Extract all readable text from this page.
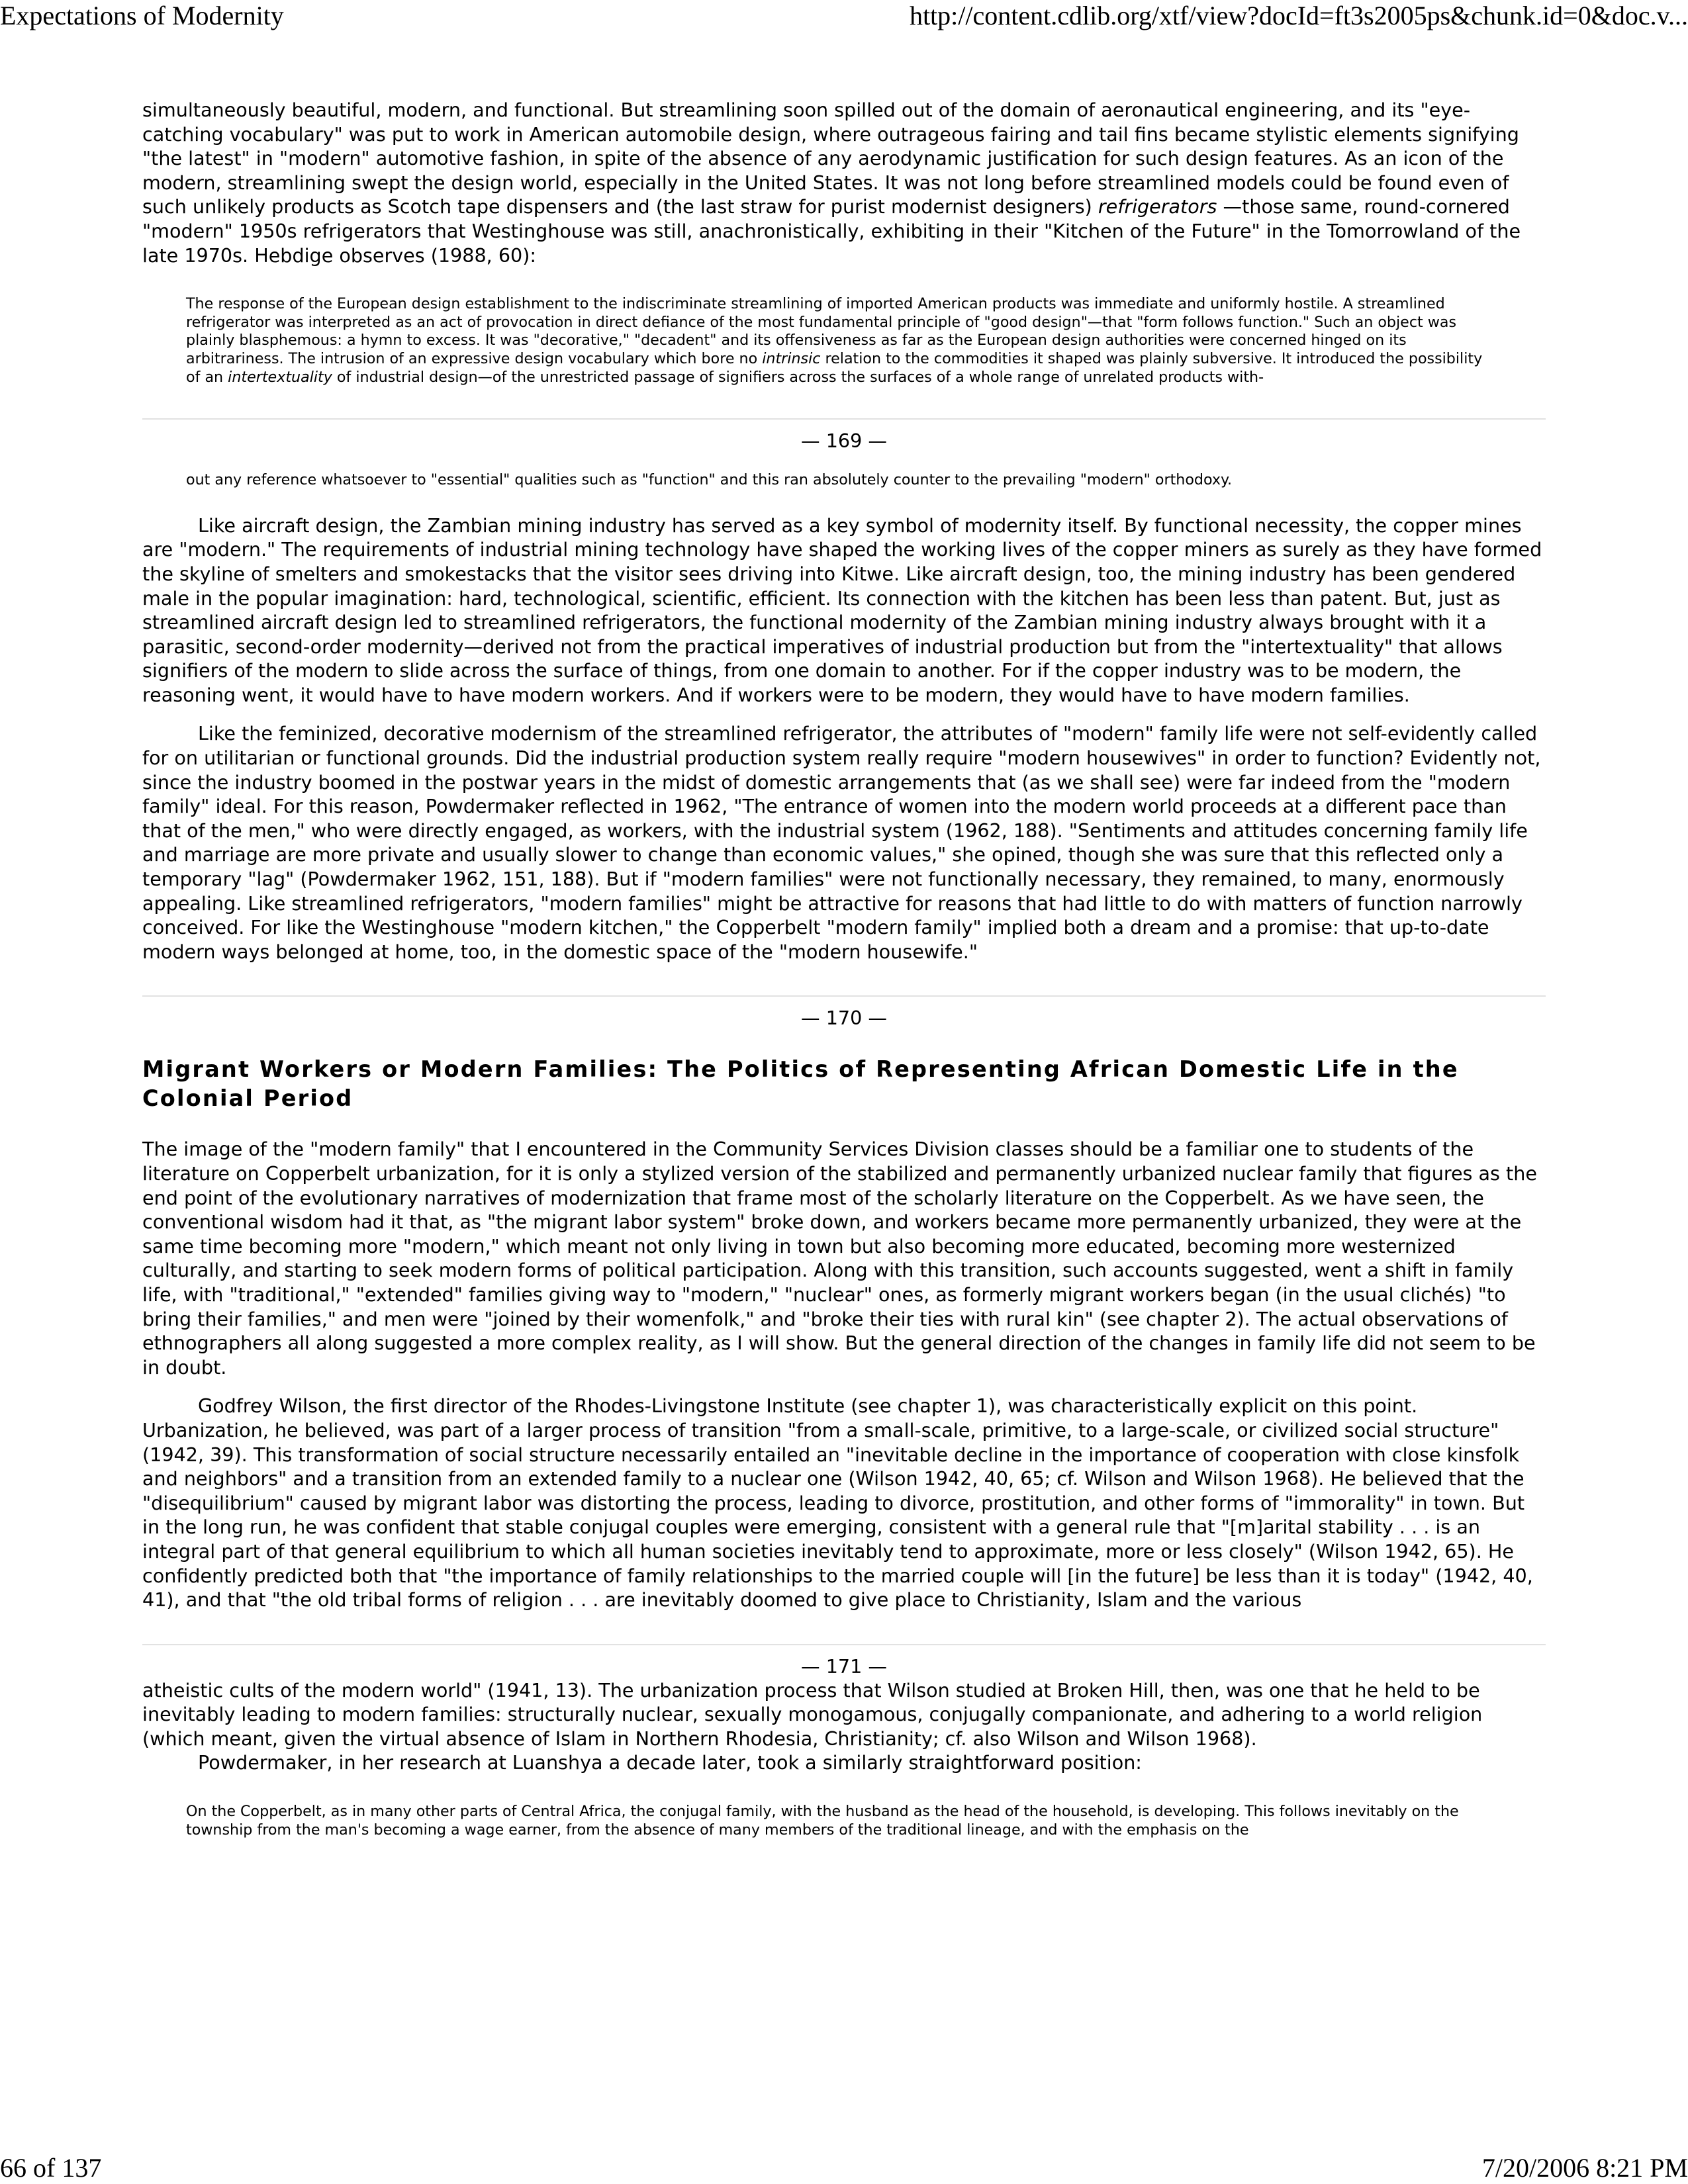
Expectations of Modernity	http://content.cdlib.org/xtf/view?docId=ft3s2005ps&chunk.id=0&doc.v...

simultaneously beautiful, modern, and functional. But streamlining soon spilled out of the domain of aeronautical engineering, and its "eye-catching vocabulary" was put to work in American automobile design, where outrageous fairing and tail fins became stylistic elements signifying "the latest" in "modern" automotive fashion, in spite of the absence of any aerodynamic justification for such design features. As an icon of the modern, streamlining swept the design world, especially in the United States. It was not long before streamlined models could be found even of such unlikely products as Scotch tape dispensers and (the last straw for purist modernist designers) refrigerators —those same, round-cornered "modern" 1950s refrigerators that Westinghouse was still, anachronistically, exhibiting in their "Kitchen of the Future" in the Tomorrowland of the late 1970s. Hebdige observes (1988, 60):

The response of the European design establishment to the indiscriminate streamlining of imported American products was immediate and uniformly hostile. A streamlined refrigerator was interpreted as an act of provocation in direct defiance of the most fundamental principle of "good design"—that "form follows function." Such an object was plainly blasphemous: a hymn to excess. It was "decorative," "decadent" and its offensiveness as far as the European design authorities were concerned hinged on its arbitrariness. The intrusion of an expressive design vocabulary which bore no intrinsic relation to the commodities it shaped was plainly subversive. It introduced the possibility of an intertextuality of industrial design—of the unrestricted passage of signifiers across the surfaces of a whole range of unrelated products with-
— 169 —
out any reference whatsoever to "essential" qualities such as "function" and this ran absolutely counter to the prevailing "modern" orthodoxy.

Like aircraft design, the Zambian mining industry has served as a key symbol of modernity itself. By functional necessity, the copper mines are "modern." The requirements of industrial mining technology have shaped the working lives of the copper miners as surely as they have formed the skyline of smelters and smokestacks that the visitor sees driving into Kitwe. Like aircraft design, too, the mining industry has been gendered male in the popular imagination: hard, technological, scientific, efficient. Its connection with the kitchen has been less than patent. But, just as streamlined aircraft design led to streamlined refrigerators, the functional modernity of the Zambian mining industry always brought with it a parasitic, second-order modernity—derived not from the practical imperatives of industrial production but from the "intertextuality" that allows signifiers of the modern to slide across the surface of things, from one domain to another. For if the copper industry was to be modern, the reasoning went, it would have to have modern workers. And if workers were to be modern, they would have to have modern families.

Like the feminized, decorative modernism of the streamlined refrigerator, the attributes of "modern" family life were not self-evidently called for on utilitarian or functional grounds. Did the industrial production system really require "modern housewives" in order to function? Evidently not, since the industry boomed in the postwar years in the midst of domestic arrangements that (as we shall see) were far indeed from the "modern family" ideal. For this reason, Powdermaker reflected in 1962, "The entrance of women into the modern world proceeds at a different pace than that of the men," who were directly engaged, as workers, with the industrial system (1962, 188). "Sentiments and attitudes concerning family life and marriage are more private and usually slower to change than economic values," she opined, though she was sure that this reflected only a temporary "lag" (Powdermaker 1962, 151, 188). But if "modern families" were not functionally necessary, they remained, to many, enormously appealing. Like streamlined refrigerators, "modern families" might be attractive for reasons that had little to do with matters of function narrowly conceived. For like the Westinghouse "modern kitchen," the Copperbelt "modern family" implied both a dream and a promise: that up-to-date modern ways belonged at home, too, in the domestic space of the "modern housewife."

— 170 —
Migrant Workers or Modern Families: The Politics of Representing African Domestic Life in the Colonial Period

The image of the "modern family" that I encountered in the Community Services Division classes should be a familiar one to students of the literature on Copperbelt urbanization, for it is only a stylized version of the stabilized and permanently urbanized nuclear family that figures as the end point of the evolutionary narratives of modernization that frame most of the scholarly literature on the Copperbelt. As we have seen, the conventional wisdom had it that, as "the migrant labor system" broke down, and workers became more permanently urbanized, they were at the same time becoming more "modern," which meant not only living in town but also becoming more educated, becoming more westernized culturally, and starting to seek modern forms of political participation. Along with this transition, such accounts suggested, went a shift in family life, with "traditional," "extended" families giving way to "modern," "nuclear" ones, as formerly migrant workers began (in the usual clichés) "to bring their families," and men were "joined by their womenfolk," and "broke their ties with rural kin" (see chapter 2). The actual observations of ethnographers all along suggested a more complex reality, as I will show. But the general direction of the changes in family life did not seem to be in doubt.

Godfrey Wilson, the first director of the Rhodes-Livingstone Institute (see chapter 1), was characteristically explicit on this point. Urbanization, he believed, was part of a larger process of transition "from a small-scale, primitive, to a large-scale, or civilized social structure" (1942, 39). This transformation of social structure necessarily entailed an "inevitable decline in the importance of cooperation with close kinsfolk and neighbors" and a transition from an extended family to a nuclear one (Wilson 1942, 40, 65; cf. Wilson and Wilson 1968). He believed that the "disequilibrium" caused by migrant labor was distorting the process, leading to divorce, prostitution, and other forms of "immorality" in town. But in the long run, he was confident that stable conjugal couples were emerging, consistent with a general rule that "[m]arital stability . . . is an integral part of that general equilibrium to which all human societies inevitably tend to approximate, more or less closely" (Wilson 1942, 65). He confidently predicted both that "the importance of family relationships to the married couple will [in the future] be less than it is today" (1942, 40, 41), and that "the old tribal forms of religion . . . are inevitably doomed to give place to Christianity, Islam and the various

— 171 —

atheistic cults of the modern world" (1941, 13). The urbanization process that Wilson studied at Broken Hill, then, was one that he held to be inevitably leading to modern families: structurally nuclear, sexually monogamous, conjugally companionate, and adhering to a world religion (which meant, given the virtual absence of Islam in Northern Rhodesia, Christianity; cf. also Wilson and Wilson 1968).

Powdermaker, in her research at Luanshya a decade later, took a similarly straightforward position:

On the Copperbelt, as in many other parts of Central Africa, the conjugal family, with the husband as the head of the household, is developing. This follows inevitably on the township from the man's becoming a wage earner, from the absence of many members of the traditional lineage, and with the emphasis on the
66 of 137	7/20/2006 8:21 PM
